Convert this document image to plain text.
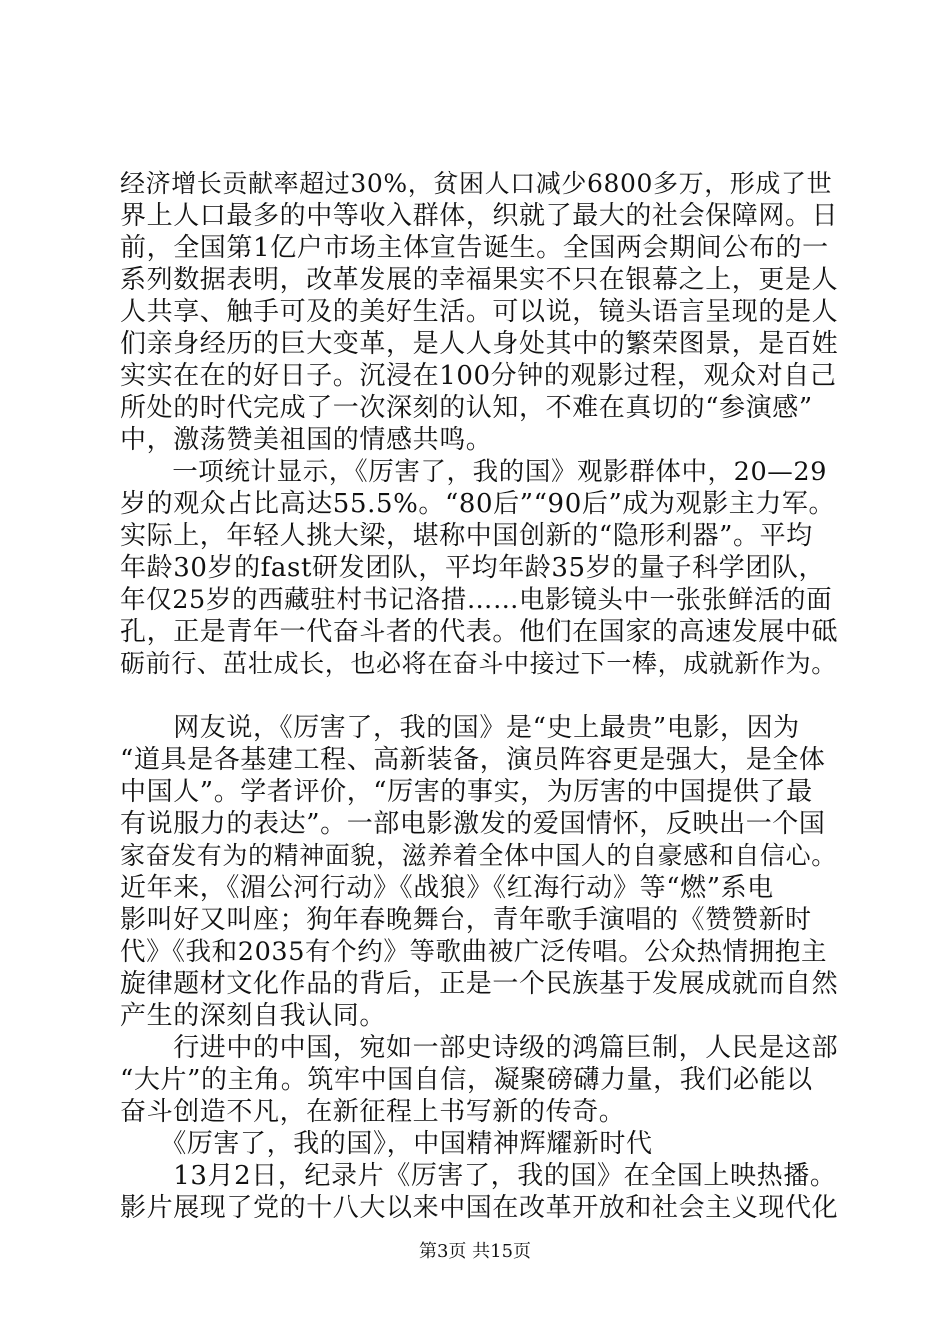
经济增长贡献率超过30%，贫困人口减少6800多万，形成了世
界上人口最多的中等收入群体，织就了最大的社会保障网。日
前，全国第1亿户市场主体宣告诞生。全国两会期间公布的一
系列数据表明，改革发展的幸福果实不只在银幕之上，更是人
人共享、触手可及的美好生活。可以说，镜头语言呈现的是人
们亲身经历的巨大变革，是人人身处其中的繁荣图景，是百姓
实实在在的好日子。沉浸在100分钟的观影过程，观众对自己
所处的时代完成了一次深刻的认知，不难在真切的“参演感”
中，激荡赞美祖国的情感共鸣。
　　一项统计显示，《厉害了，我的国》观影群体中，20—29
岁的观众占比高达55.5%。“80后”“90后”成为观影主力军。
实际上，年轻人挑大梁，堪称中国创新的“隐形利器”。平均
年龄30岁的fast研发团队，平均年龄35岁的量子科学团队，
年仅25岁的西藏驻村书记洛措……电影镜头中一张张鲜活的面
孔，正是青年一代奋斗者的代表。他们在国家的高速发展中砥
砺前行、茁壮成长，也必将在奋斗中接过下一棒，成就新作为。
　　网友说，《厉害了，我的国》是“史上最贵”电影，因为
“道具是各基建工程、高新装备，演员阵容更是强大，是全体
中国人”。学者评价，“厉害的事实，为厉害的中国提供了最
有说服力的表达”。一部电影激发的爱国情怀，反映出一个国
家奋发有为的精神面貌，滋养着全体中国人的自豪感和自信心。
近年来，《湄公河行动》《战狼》《红海行动》等“燃”系电
影叫好又叫座；狗年春晚舞台，青年歌手演唱的《赞赞新时
代》《我和2035有个约》等歌曲被广泛传唱。公众热情拥抱主
旋律题材文化作品的背后，正是一个民族基于发展成就而自然
产生的深刻自我认同。
　　行进中的中国，宛如一部史诗级的鸿篇巨制，人民是这部
“大片”的主角。筑牢中国自信，凝聚磅礴力量，我们必能以
奋斗创造不凡，在新征程上书写新的传奇。
　　《厉害了，我的国》，中国精神辉耀新时代
　　13月2日，纪录片《厉害了，我的国》在全国上映热播。
影片展现了党的十八大以来中国在改革开放和社会主义现代化
第3页 共15页
